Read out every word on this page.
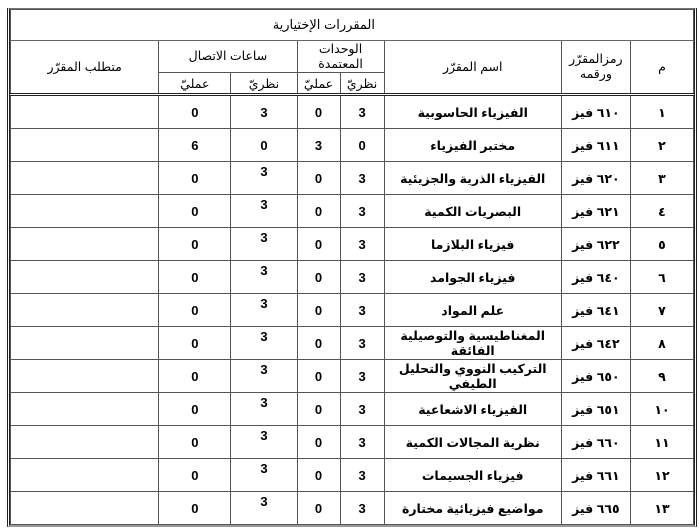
المقررات الإختيارية							
م	رمزالمقرّر ورقمه	اسم المقرّر	الوحدات المعتمدة		ساعات الاتصال		متطلب المقرّر
			نظريّ	عمليّ	نظريّ	عمليّ	
١	٦١٠ فيز	الفيزياء الحاسوبية	3	0	3	0	
٢	٦١١ فيز	مختبر الفيزياء	0	3	0	6	
٣	٦٢٠ فيز	الفيزياء الذرية والجزيئية	3	0	3	0	
٤	٦٢١ فيز	البصريات الكمية	3	0	3	0	
٥	٦٢٢ فيز	فيزياء البلازما	3	0	3	0	
٦	٦٤٠ فيز	فيزياء الجوامد	3	0	3	0	
٧	٦٤١ فيز	علم المواد	3	0	3	0	
٨	٦٤٢ فيز	المغناطيسية والتوصيلية الفائقة	3	0	3	0	
٩	٦٥٠ فيز	التركيب النووي والتحليل الطيفي	3	0	3	0	
١٠	٦٥١ فيز	الفيزياء الاشعاعية	3	0	3	0	
١١	٦٦٠ فيز	نظرية المجالات الكمية	3	0	3	0	
١٢	٦٦١ فيز	فيزياء الجسيمات	3	0	3	0	
١٣	٦٦٥ فيز	مواضيع فيزيائية مختارة	3	0	3	0	
